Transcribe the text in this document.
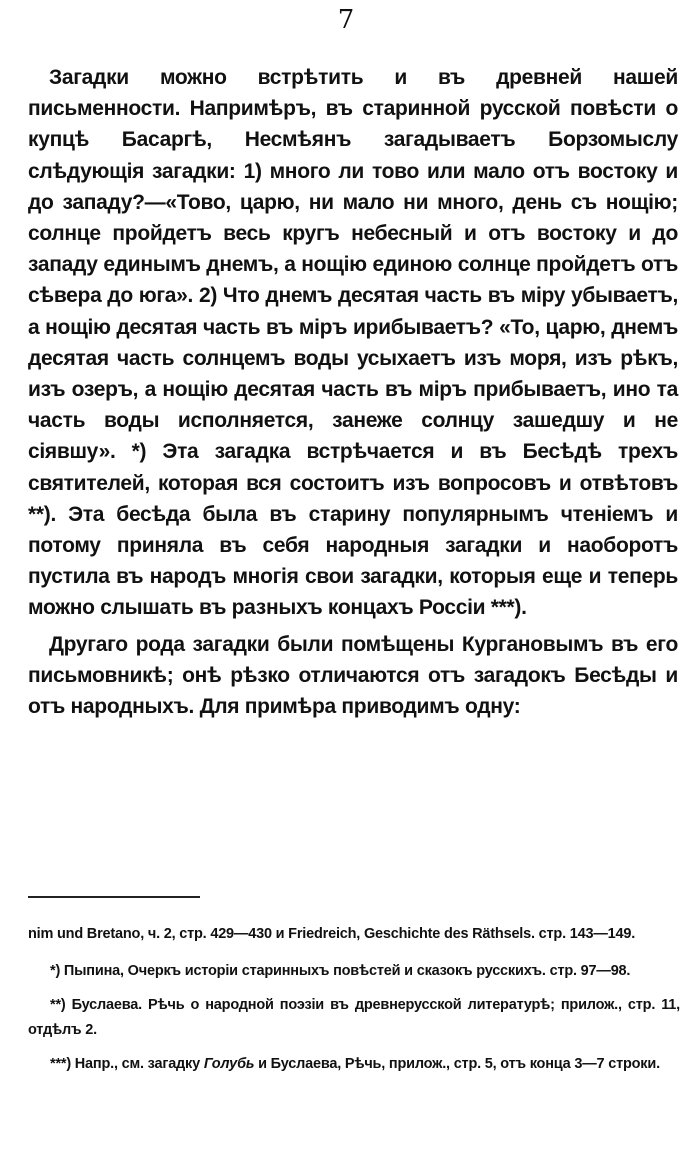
7

Загадки можно встрѣтить и въ древней нашей письменности. Напримѣръ, въ старинной русской повѣсти о купцѣ Басаргѣ, Несмѣянъ загадываетъ Борзомыслу слѣдующія загадки: 1) много ли тово или мало отъ востоку и до западу?—«Тово, царю, ни мало ни много, день съ нощію; солнце пройдетъ весь кругъ небесный и отъ востоку и до западу единымъ днемъ, а нощію единою солнце пройдетъ отъ сѣвера до юга». 2) Что днемъ десятая часть въ міру убываетъ, а нощію десятая часть въ міръ ирибываетъ? «То, царю, днемъ десятая часть солнцемъ воды усыхаетъ изъ моря, изъ рѣкъ, изъ озеръ, а нощію десятая часть въ міръ прибываетъ, ино та часть воды исполняется, занеже солнцу зашедшу и не сіявшу». *) Эта загадка встрѣчается и въ Бесѣдѣ трехъ святителей, которая вся состоитъ изъ вопросовъ и отвѣтовъ **). Эта бесѣда была въ старину популярнымъ чтеніемъ и потому приняла въ себя народныя загадки и наоборотъ пустила въ народъ многія свои загадки, которыя еще и теперь можно слышать въ разныхъ концахъ Россіи ***).

Другаго рода загадки были помѣщены Кургановымъ въ его письмовникѣ; онѣ рѣзко отличаются отъ загадокъ Бесѣды и отъ народныхъ. Для примѣра приводимъ одну:

nim und Bretano, ч. 2, стр. 429—430 и Friedreich, Geschichte des Räthsels. стр. 143—149.

*) Пыпина, Очеркъ исторіи старинныхъ повѣстей и сказокъ русскихъ. стр. 97—98.

**) Буслаева. Рѣчь о народной поэзіи въ древнерусской литературѣ; прилож., стр. 11, отдѣлъ 2.

***) Напр., см. загадку Голубь и Буслаева, Рѣчь, прилож., стр. 5, отъ конца 3—7 строки.
